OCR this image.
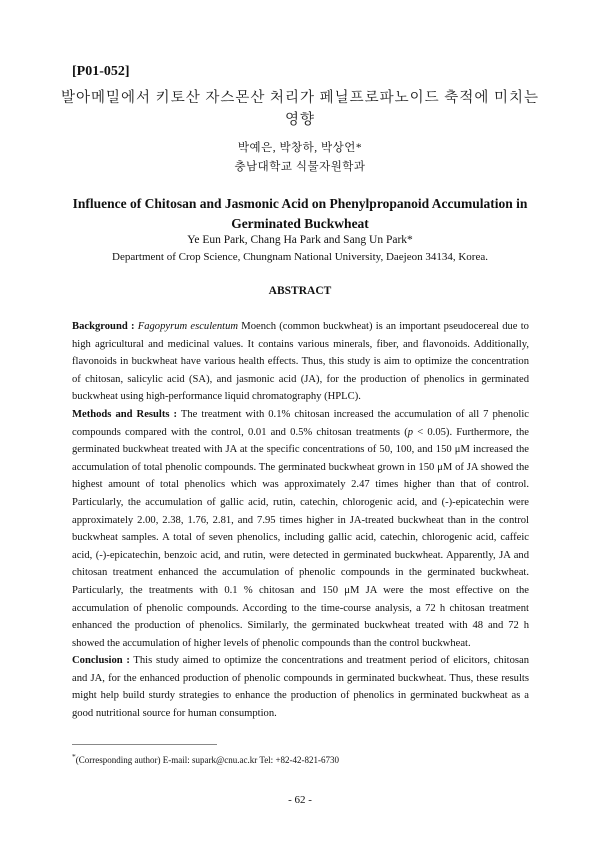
[P01-052]
발아메밀에서 키토산 자스몬산 처리가 페닐프로파노이드 축적에 미치는 영향
박예은, 박창하, 박상언*
충남대학교 식물자원학과
Influence of Chitosan and Jasmonic Acid on Phenylpropanoid Accumulation in Germinated Buckwheat
Ye Eun Park, Chang Ha Park and Sang Un Park*
Department of Crop Science, Chungnam National University, Daejeon 34134, Korea.
ABSTRACT

Background : Fagopyrum esculentum Moench (common buckwheat) is an important pseudocereal due to high agricultural and medicinal values. It contains various minerals, fiber, and flavonoids. Additionally, flavonoids in buckwheat have various health effects. Thus, this study is aim to optimize the concentration of chitosan, salicylic acid (SA), and jasmonic acid (JA), for the production of phenolics in germinated buckwheat using high-performance liquid chromatography (HPLC).

Methods and Results : The treatment with 0.1% chitosan increased the accumulation of all 7 phenolic compounds compared with the control, 0.01 and 0.5% chitosan treatments (p < 0.05). Furthermore, the germinated buckwheat treated with JA at the specific concentrations of 50, 100, and 150 μM increased the accumulation of total phenolic compounds. The germinated buckwheat grown in 150 μM of JA showed the highest amount of total phenolics which was approximately 2.47 times higher than that of control. Particularly, the accumulation of gallic acid, rutin, catechin, chlorogenic acid, and (-)-epicatechin were approximately 2.00, 2.38, 1.76, 2.81, and 7.95 times higher in JA-treated buckwheat than in the control buckwheat samples. A total of seven phenolics, including gallic acid, catechin, chlorogenic acid, caffeic acid, (-)-epicatechin, benzoic acid, and rutin, were detected in germinated buckwheat. Apparently, JA and chitosan treatment enhanced the accumulation of phenolic compounds in the germinated buckwheat. Particularly, the treatments with 0.1 % chitosan and 150 μM JA were the most effective on the accumulation of phenolic compounds. According to the time-course analysis, a 72 h chitosan treatment enhanced the production of phenolics. Similarly, the germinated buckwheat treated with 48 and 72 h showed the accumulation of higher levels of phenolic compounds than the control buckwheat.

Conclusion : This study aimed to optimize the concentrations and treatment period of elicitors, chitosan and JA, for the enhanced production of phenolic compounds in germinated buckwheat. Thus, these results might help build sturdy strategies to enhance the production of phenolics in germinated buckwheat as a good nutritional source for human consumption.

*(Corresponding author) E-mail: supark@cnu.ac.kr Tel: +82-42-821-6730
- 62 -
